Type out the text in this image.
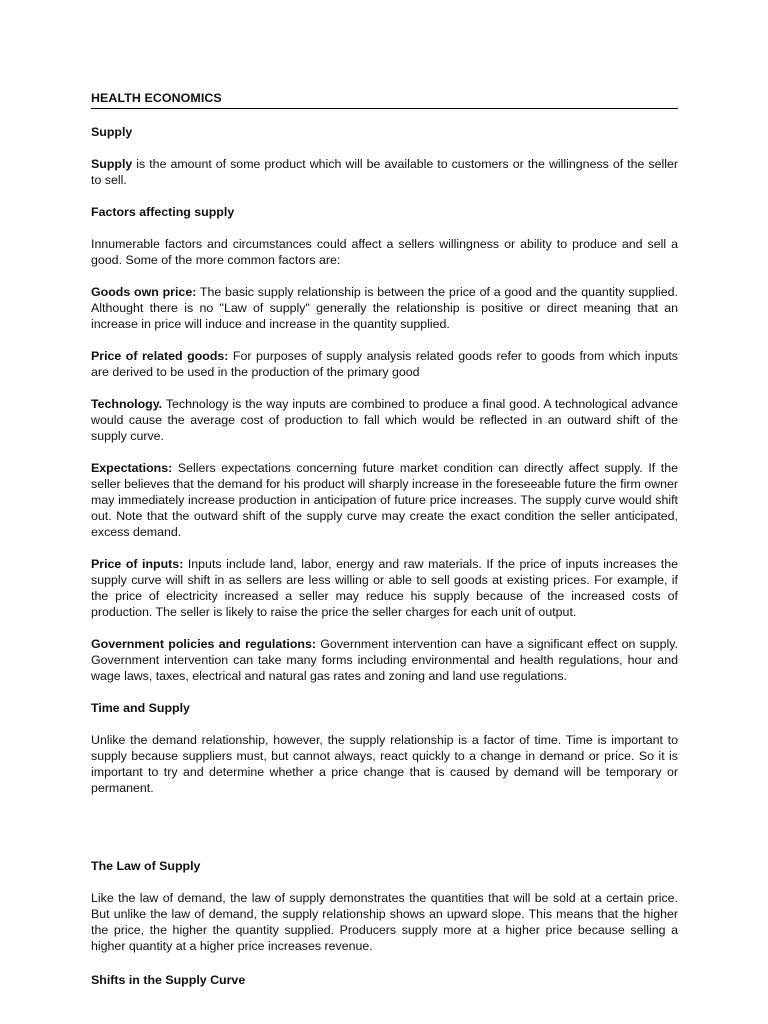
HEALTH ECONOMICS
Supply

Supply is the amount of some product which will be available to customers or the willingness of the seller to sell.

Factors affecting supply

Innumerable factors and circumstances could affect a sellers willingness or ability to produce and sell a good. Some of the more common factors are:

Goods own price: The basic supply relationship is between the price of a good and the quantity supplied. Althought there is no "Law of supply" generally the relationship is positive or direct meaning that an increase in price will induce and increase in the quantity supplied.

Price of related goods: For purposes of supply analysis related goods refer to goods from which inputs are derived to be used in the production of the primary good

Technology. Technology is the way inputs are combined to produce a final good. A technological advance would cause the average cost of production to fall which would be reflected in an outward shift of the supply curve.

Expectations: Sellers expectations concerning future market condition can directly affect supply. If the seller believes that the demand for his product will sharply increase in the foreseeable future the firm owner may immediately increase production in anticipation of future price increases. The supply curve would shift out. Note that the outward shift of the supply curve may create the exact condition the seller anticipated, excess demand.

Price of inputs: Inputs include land, labor, energy and raw materials. If the price of inputs increases the supply curve will shift in as sellers are less willing or able to sell goods at existing prices. For example, if the price of electricity increased a seller may reduce his supply because of the increased costs of production. The seller is likely to raise the price the seller charges for each unit of output.

Government policies and regulations: Government intervention can have a significant effect on supply. Government intervention can take many forms including environmental and health regulations, hour and wage laws, taxes, electrical and natural gas rates and zoning and land use regulations.

Time and Supply

Unlike the demand relationship, however, the supply relationship is a factor of time. Time is important to supply because suppliers must, but cannot always, react quickly to a change in demand or price. So it is important to try and determine whether a price change that is caused by demand will be temporary or permanent.

The Law of Supply

Like the law of demand, the law of supply demonstrates the quantities that will be sold at a certain price. But unlike the law of demand, the supply relationship shows an upward slope. This means that the higher the price, the higher the quantity supplied. Producers supply more at a higher price because selling a higher quantity at a higher price increases revenue.

Shifts in the Supply Curve
